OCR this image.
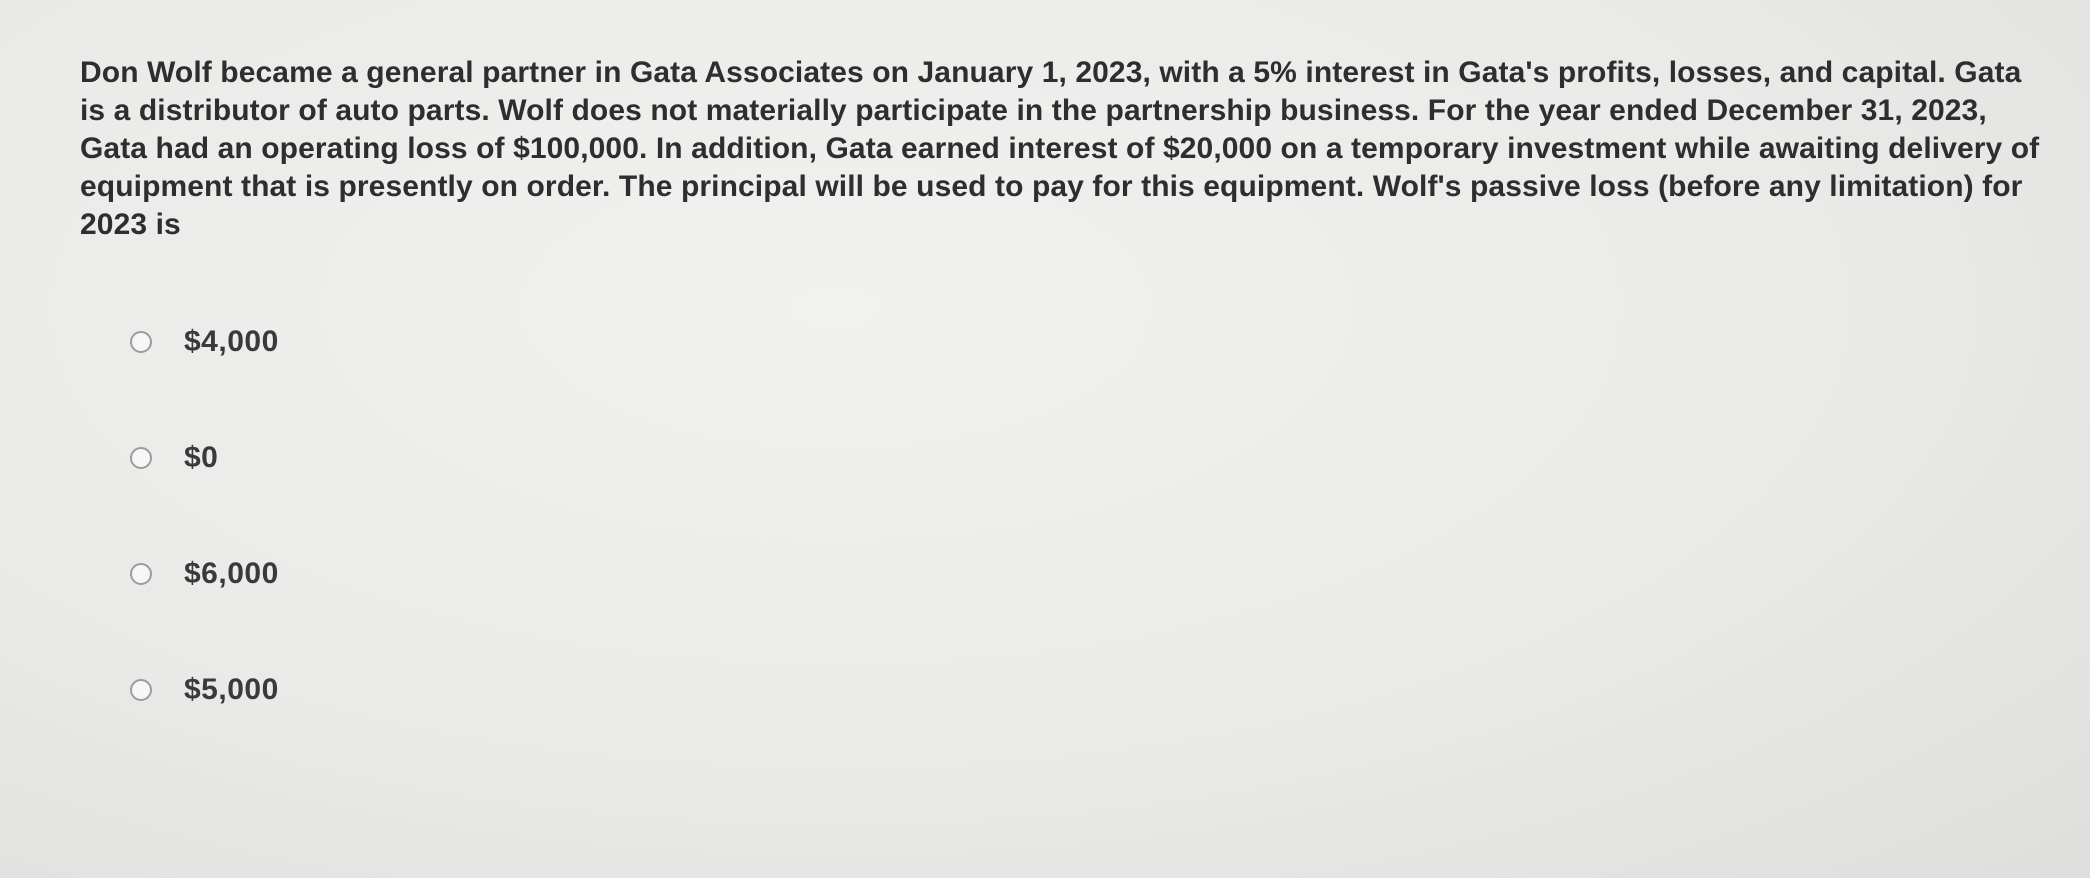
Don Wolf became a general partner in Gata Associates on January 1, 2023, with a 5% interest in Gata's profits, losses, and capital. Gata is a distributor of auto parts. Wolf does not materially participate in the partnership business. For the year ended December 31, 2023, Gata had an operating loss of $100,000. In addition, Gata earned interest of $20,000 on a temporary investment while awaiting delivery of equipment that is presently on order. The principal will be used to pay for this equipment. Wolf's passive loss (before any limitation) for 2023 is

$4,000
$0
$6,000
$5,000
